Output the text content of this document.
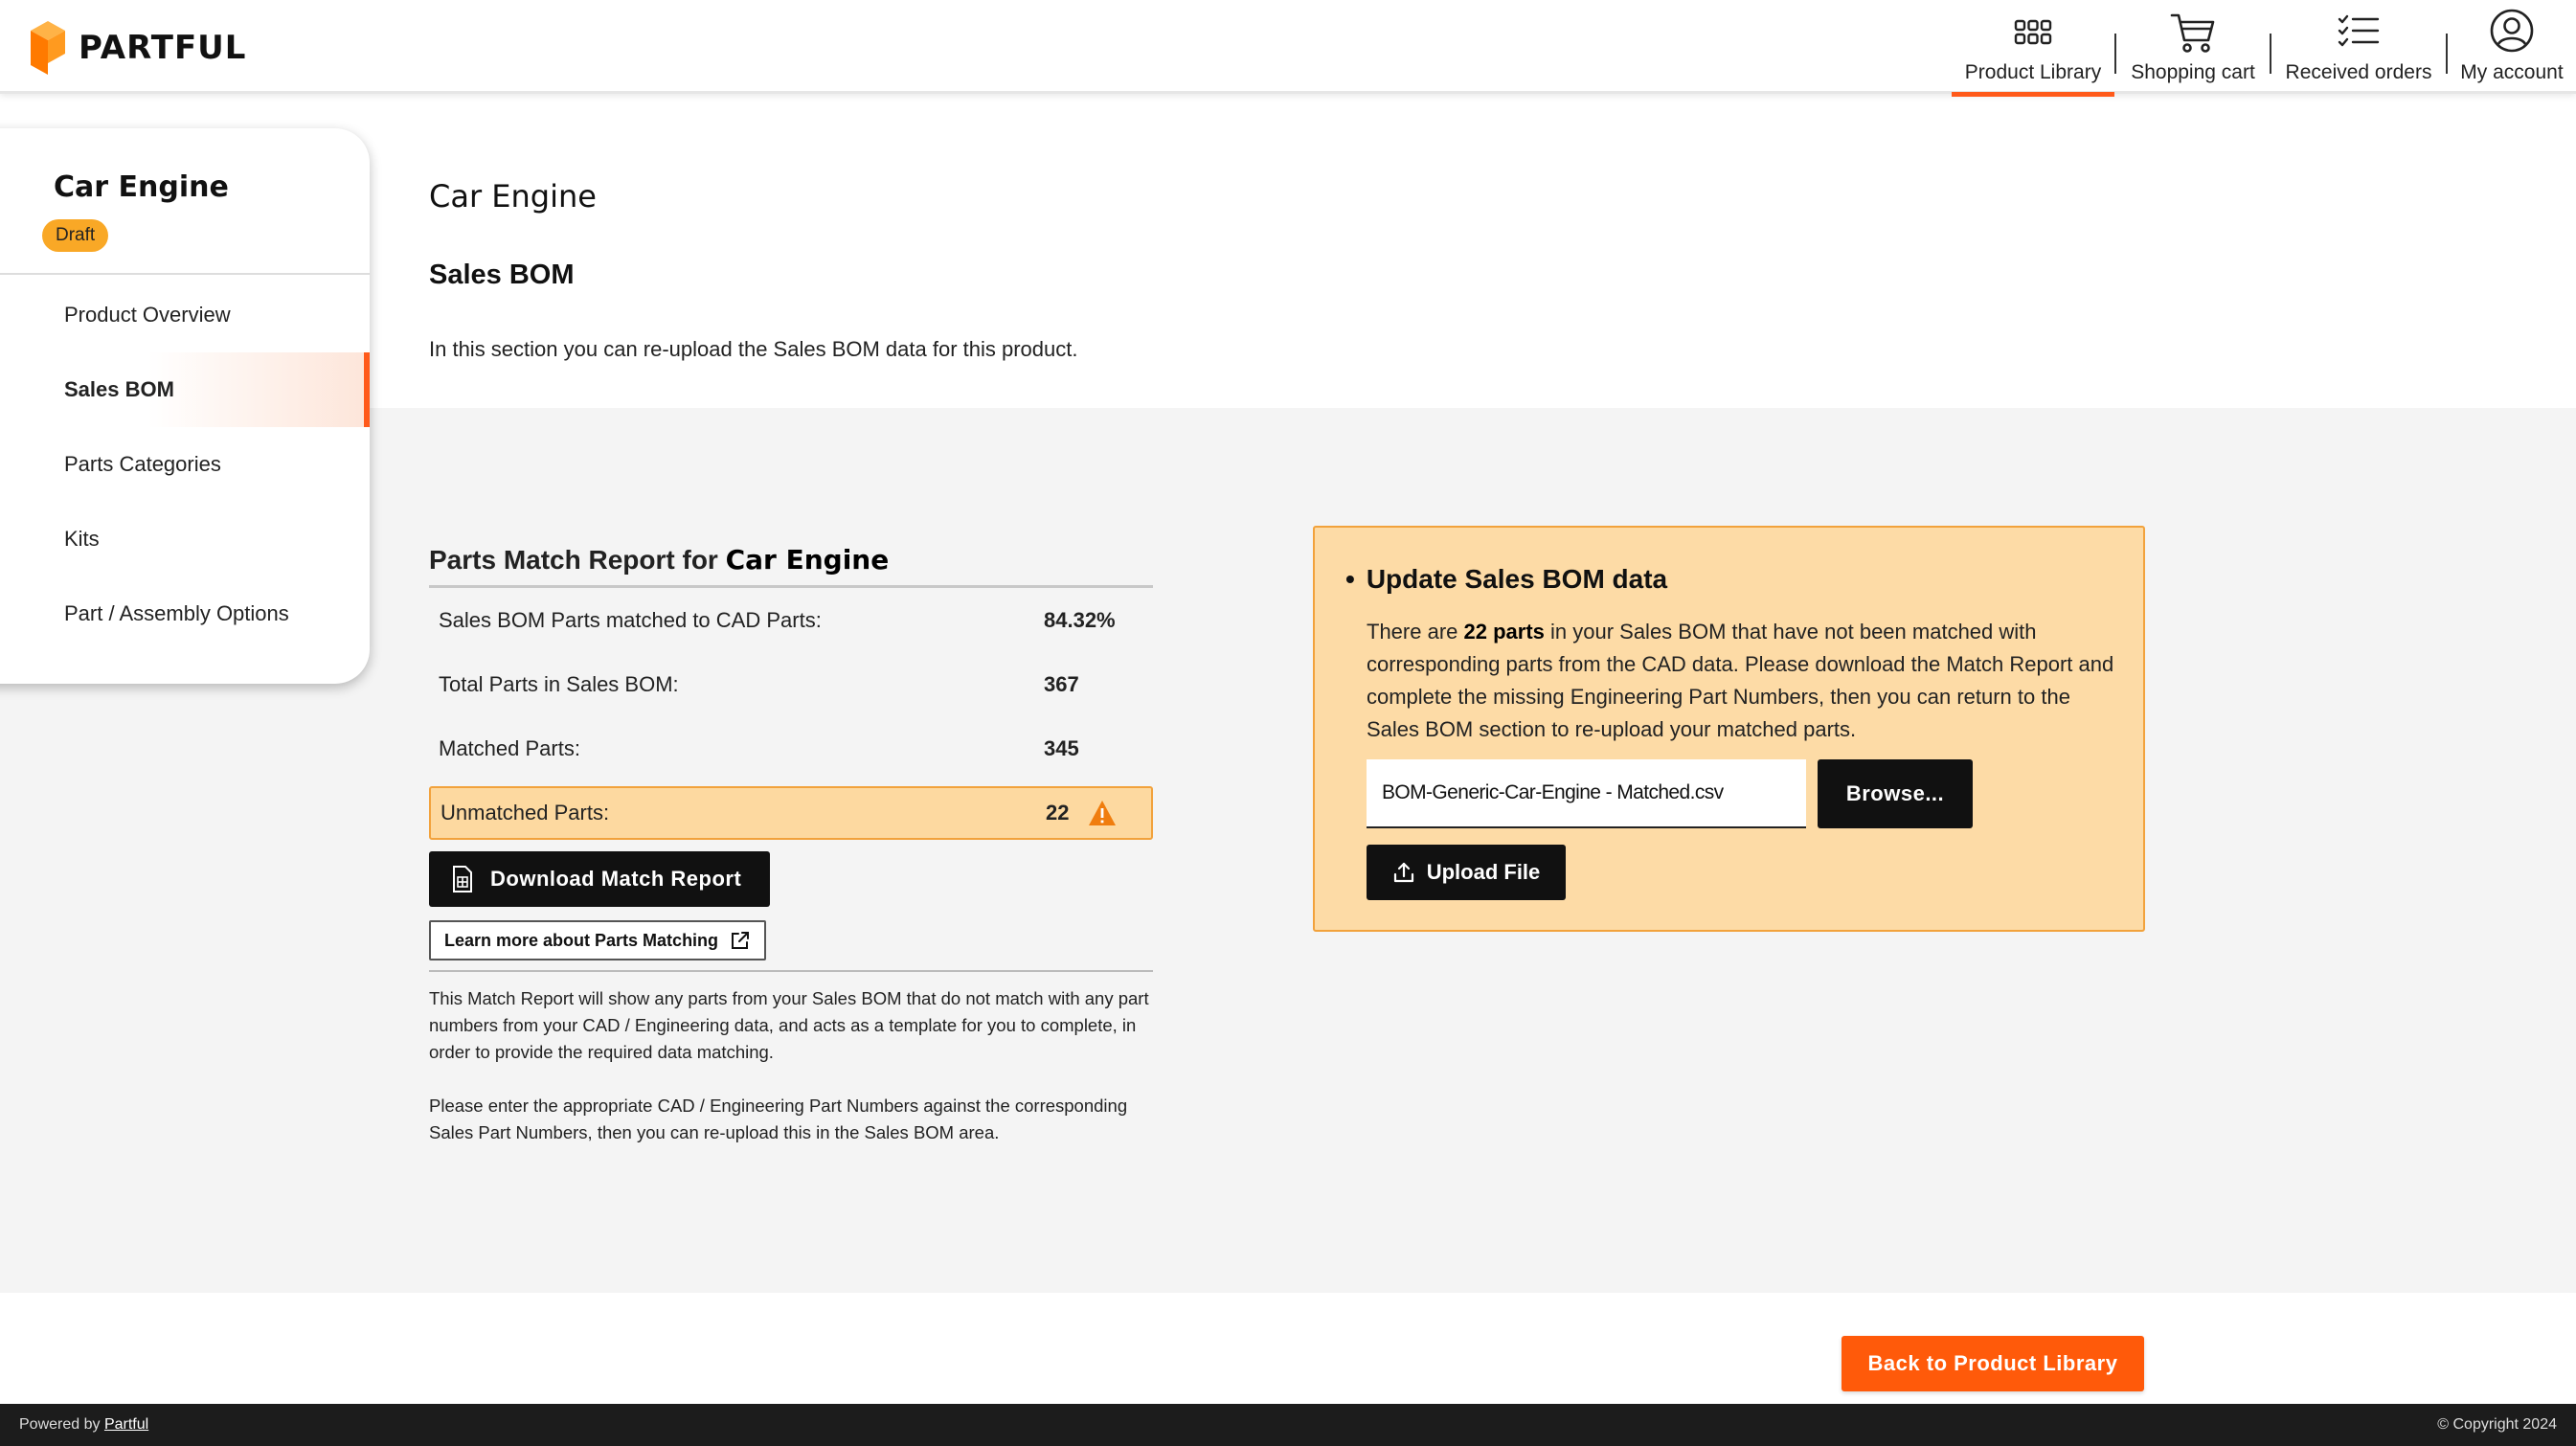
PARTFUL
Product Library Shopping cart Received orders My account
Car Engine
Draft
Product Overview
Sales BOM
Parts Categories
Kits
Part / Assembly Options
Car Engine
Sales BOM
In this section you can re-upload the Sales BOM data for this product.
Parts Match Report for Car Engine
Sales BOM Parts matched to CAD Parts:	84.32%
Total Parts in Sales BOM:	367
Matched Parts:	345
Unmatched Parts:	22
Download Match Report

Learn more about Parts Matching

This Match Report will show any parts from your Sales BOM that do not match with any part numbers from your CAD / Engineering data, and acts as a template for you to complete, in order to provide the required data matching.

Please enter the appropriate CAD / Engineering Part Numbers against the corresponding Sales Part Numbers, then you can re-upload this in the Sales BOM area.

• Update Sales BOM data
There are 22 parts in your Sales BOM that have not been matched with corresponding parts from the CAD data. Please download the Match Report and complete the missing Engineering Part Numbers, then you can return to the Sales BOM section to re-upload your matched parts.
BOM-Generic-Car-Engine - Matched.csv
Browse...
Upload File
Back to Product Library
Powered by Partful	© Copyright 2024
